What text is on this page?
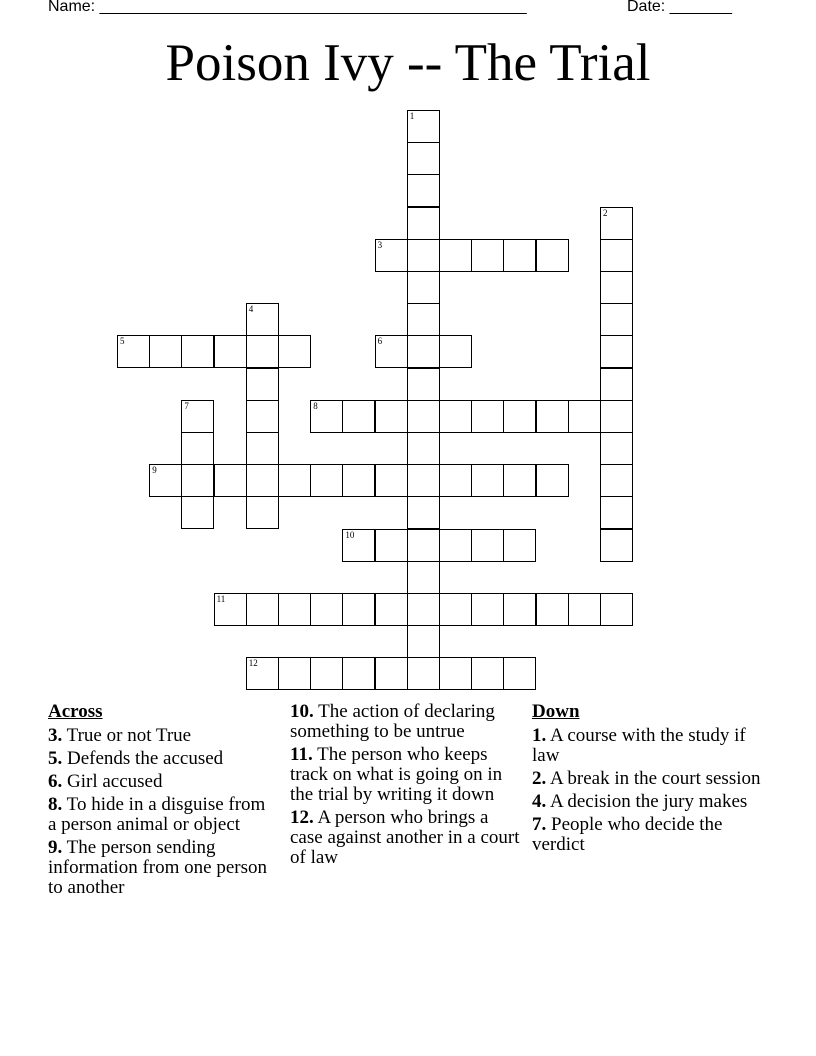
Name: ________________________________________________	Date: _______
Poison Ivy -- The Trial
1
2
3
4
5	6
7	8
9
10
11
12
Across
3. True or not True
5. Defends the accused
6. Girl accused
8. To hide in a disguise from a person animal or object
9. The person sending information from one person to another
10. The action of declaring something to be untrue
11. The person who keeps track on what is going on in the trial by writing it down
12. A person who brings a case against another in a court of law
Down
1. A course with the study if law
2. A break in the court session
4. A decision the jury makes
7. People who decide the verdict
